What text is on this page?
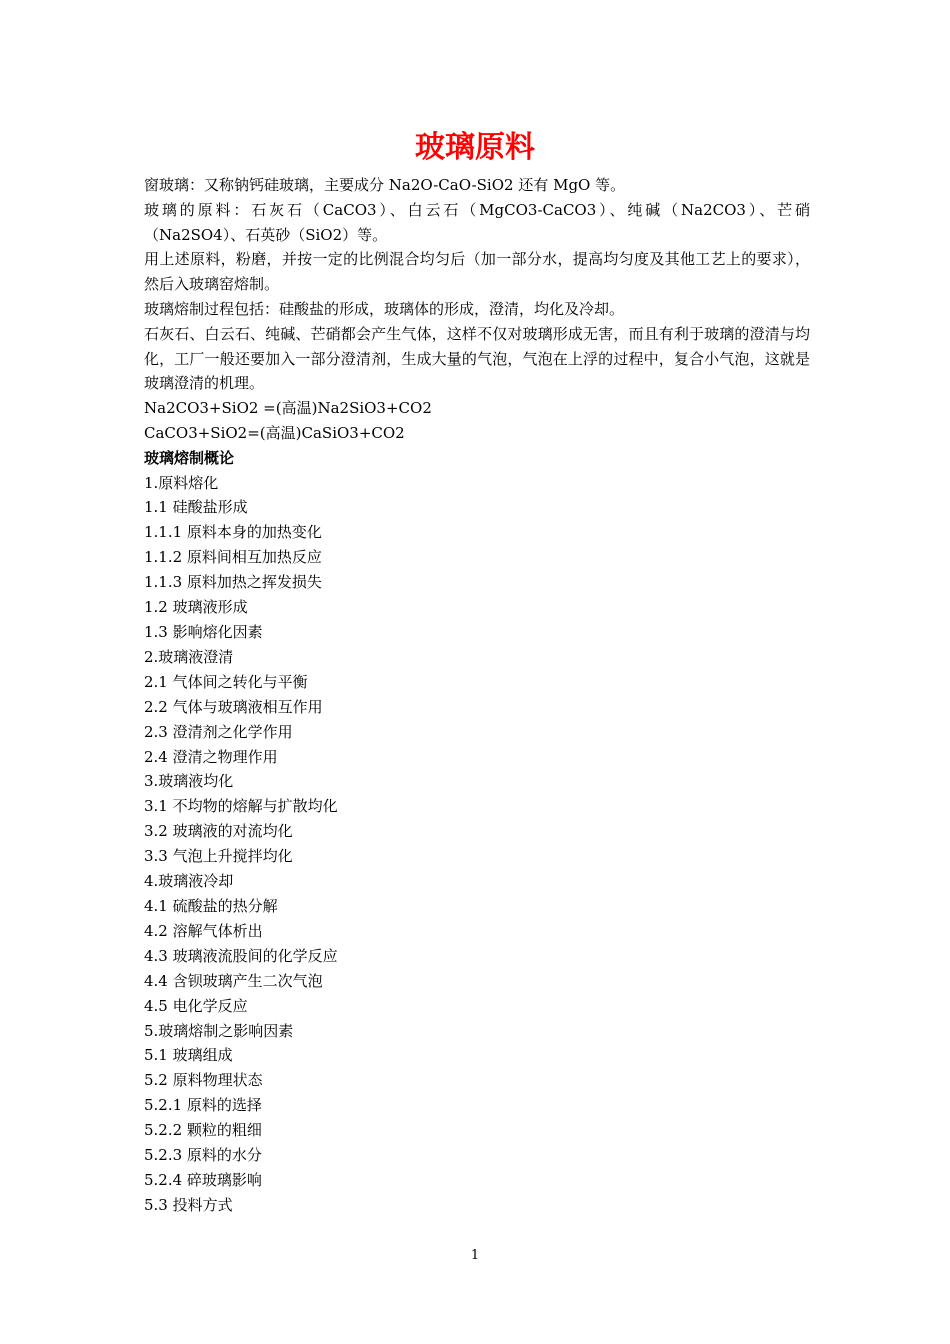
玻璃原料

窗玻璃：又称钠钙硅玻璃，主要成分 Na2O-CaO-SiO2 还有 MgO 等。

玻璃的原料：石灰石（CaCO3）、白云石（MgCO3-CaCO3）、纯碱（Na2CO3）、芒硝（Na2SO4）、石英砂（SiO2）等。

用上述原料，粉磨，并按一定的比例混合均匀后（加一部分水，提高均匀度及其他工艺上的要求），然后入玻璃窑熔制。

玻璃熔制过程包括：硅酸盐的形成，玻璃体的形成，澄清，均化及冷却。

石灰石、白云石、纯碱、芒硝都会产生气体，这样不仅对玻璃形成无害，而且有利于玻璃的澄清与均化，工厂一般还要加入一部分澄清剂，生成大量的气泡，气泡在上浮的过程中，复合小气泡，这就是玻璃澄清的机理。

Na2CO3+SiO2 =(高温)Na2SiO3+CO2

CaCO3+SiO2=(高温)CaSiO3+CO2

玻璃熔制概论

1.原料熔化
1.1 硅酸盐形成
1.1.1 原料本身的加热变化
1.1.2 原料间相互加热反应
1.1.3 原料加热之挥发损失
1.2 玻璃液形成
1.3 影响熔化因素
2.玻璃液澄清
2.1 气体间之转化与平衡
2.2 气体与玻璃液相互作用
2.3 澄清剂之化学作用
2.4 澄清之物理作用
3.玻璃液均化
3.1 不均物的熔解与扩散均化
3.2 玻璃液的对流均化
3.3 气泡上升搅拌均化
4.玻璃液冷却
4.1 硫酸盐的热分解
4.2 溶解气体析出
4.3 玻璃液流股间的化学反应
4.4 含钡玻璃产生二次气泡
4.5 电化学反应
5.玻璃熔制之影响因素
5.1 玻璃组成
5.2 原料物理状态
5.2.1 原料的选择
5.2.2 颗粒的粗细
5.2.3 原料的水分
5.2.4 碎玻璃影响
5.3 投料方式
1
